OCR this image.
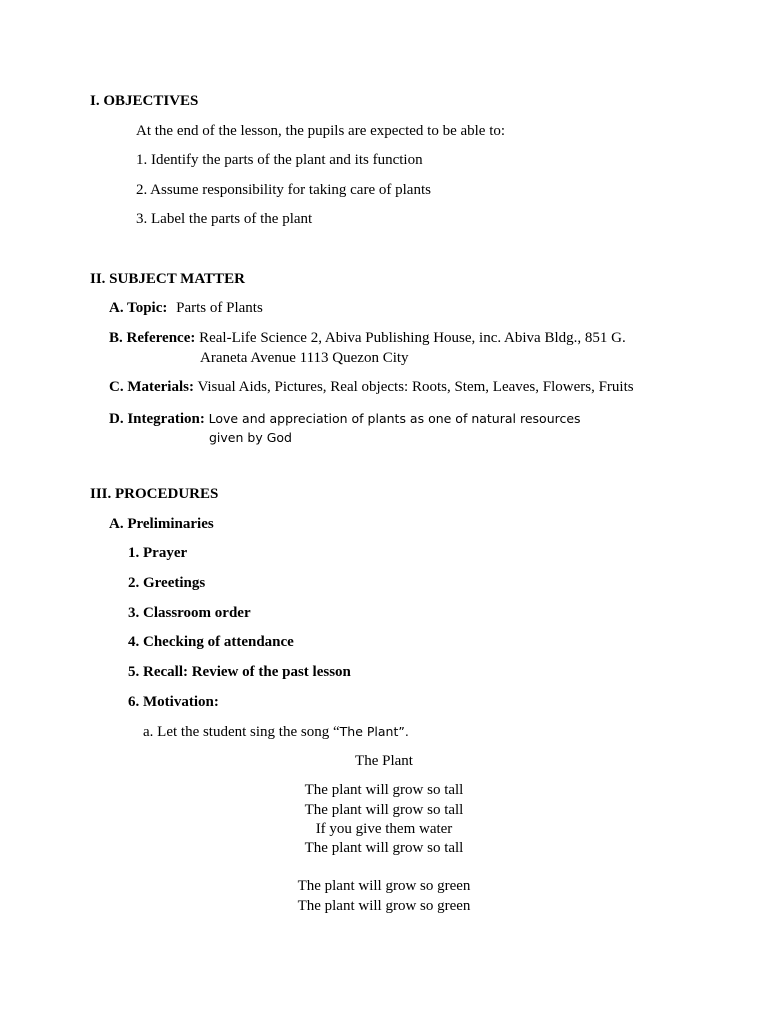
I. OBJECTIVES
At the end of the lesson, the pupils are expected to be able to:
1. Identify the parts of the plant and its function
2. Assume responsibility for taking care of plants
3. Label the parts of the plant
II. SUBJECT MATTER
A. Topic: Parts of Plants
B. Reference: Real-Life Science 2, Abiva Publishing House, inc. Abiva Bldg., 851 G.
Araneta Avenue 1113 Quezon City
C. Materials: Visual Aids, Pictures, Real objects: Roots, Stem, Leaves, Flowers, Fruits
D. Integration: Love and appreciation of plants as one of natural resources
given by God
III. PROCEDURES
A. Preliminaries
1. Prayer
2. Greetings
3. Classroom order
4. Checking of attendance
5. Recall: Review of the past lesson
6. Motivation:
a. Let the student sing the song “The Plant”.
The Plant
The plant will grow so tall
The plant will grow so tall
If you give them water
The plant will grow so tall
The plant will grow so green
The plant will grow so green
